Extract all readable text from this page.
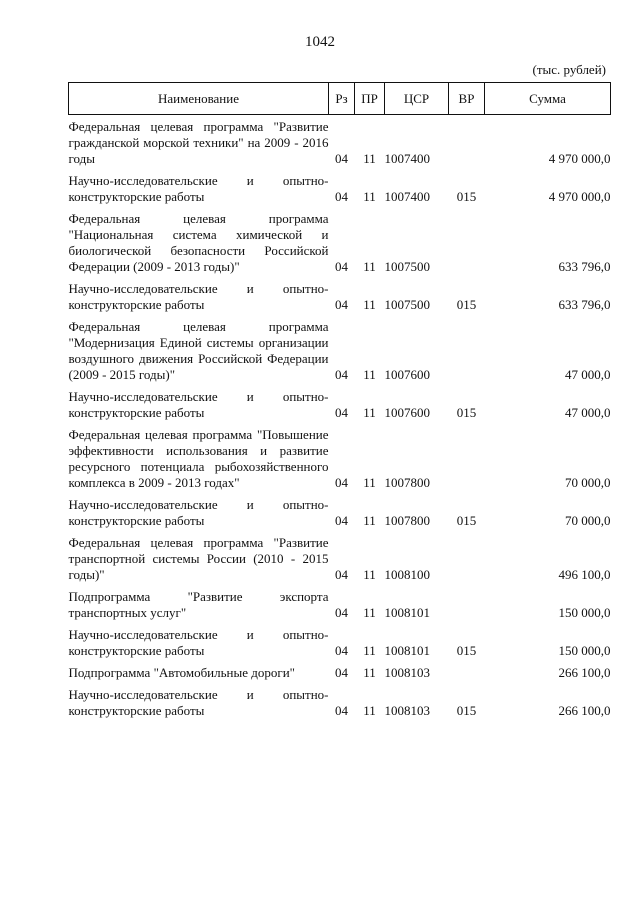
1042
(тыс. рублей)
Наименование	Рз	ПР	ЦСР	ВР	Сумма
Федеральная целевая программа "Развитие гражданской морской техники" на 2009 - 2016 годы	04	11	1007400		4 970 000,0
Научно-исследовательские и опытно-конструкторские работы	04	11	1007400	015	4 970 000,0
Федеральная целевая программа "Национальная система химической и биологической безопасности Российской Федерации (2009 - 2013 годы)"	04	11	1007500		633 796,0
Научно-исследовательские и опытно-конструкторские работы	04	11	1007500	015	633 796,0
Федеральная целевая программа "Модернизация Единой системы организации воздушного движения Российской Федерации (2009 - 2015 годы)"	04	11	1007600		47 000,0
Научно-исследовательские и опытно-конструкторские работы	04	11	1007600	015	47 000,0
Федеральная целевая программа "Повышение эффективности использования и развитие ресурсного потенциала рыбохозяйственного комплекса в 2009 - 2013 годах"	04	11	1007800		70 000,0
Научно-исследовательские и опытно-конструкторские работы	04	11	1007800	015	70 000,0
Федеральная целевая программа "Развитие транспортной системы России (2010 - 2015 годы)"	04	11	1008100		496 100,0
Подпрограмма "Развитие экспорта транспортных услуг"	04	11	1008101		150 000,0
Научно-исследовательские и опытно-конструкторские работы	04	11	1008101	015	150 000,0
Подпрограмма "Автомобильные дороги"	04	11	1008103		266 100,0
Научно-исследовательские и опытно-конструкторские работы	04	11	1008103	015	266 100,0
